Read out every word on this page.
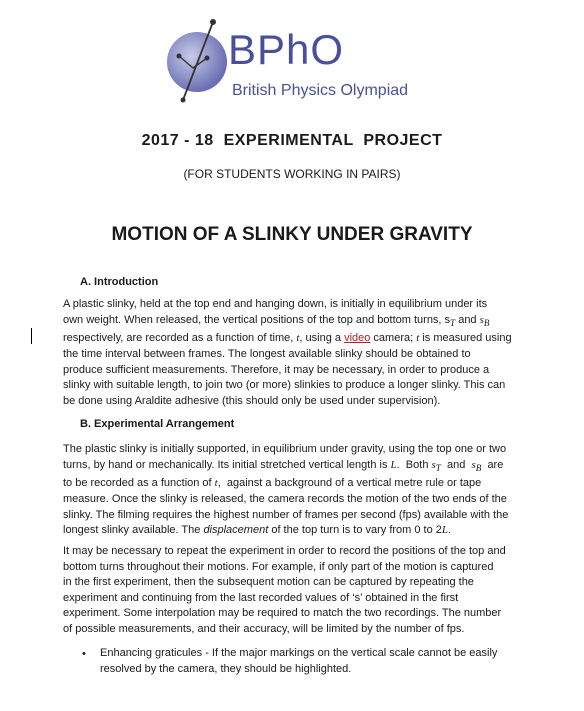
BPhO
British Physics Olympiad
2017 - 18  EXPERIMENTAL  PROJECT
(FOR STUDENTS WORKING IN PAIRS)
MOTION OF A SLINKY UNDER GRAVITY
A. Introduction
A plastic slinky, held at the top end and hanging down, is initially in equilibrium under its
own weight. When released, the vertical positions of the top and bottom turns, $s_T$ and $s_B$
respectively, are recorded as a function of time, t, using a video camera; t is measured using
the time interval between frames. The longest available slinky should be obtained to
produce sufficient measurements. Therefore, it may be necessary, in order to produce a
slinky with suitable length, to join two (or more) slinkies to produce a longer slinky. This can
be done using Araldite adhesive (this should only be used under supervision).
B. Experimental Arrangement
The plastic slinky is initially supported, in equilibrium under gravity, using the top one or two
turns, by hand or mechanically. Its initial stretched vertical length is L.  Both $s_T$  and  $s_B$  are
to be recorded as a function of t,  against a background of a vertical metre rule or tape
measure. Once the slinky is released, the camera records the motion of the two ends of the
slinky. The filming requires the highest number of frames per second (fps) available with the
longest slinky available. The displacement of the top turn is to vary from 0 to 2L.
It may be necessary to repeat the experiment in order to record the positions of the top and
bottom turns throughout their motions. For example, if only part of the motion is captured
in the first experiment, then the subsequent motion can be captured by repeating the
experiment and continuing from the last recorded values of ‘s’ obtained in the first
experiment. Some interpolation may be required to match the two recordings. The number
of possible measurements, and their accuracy, will be limited by the number of fps.
• Enhancing graticules - If the major markings on the vertical scale cannot be easily
resolved by the camera, they should be highlighted.
